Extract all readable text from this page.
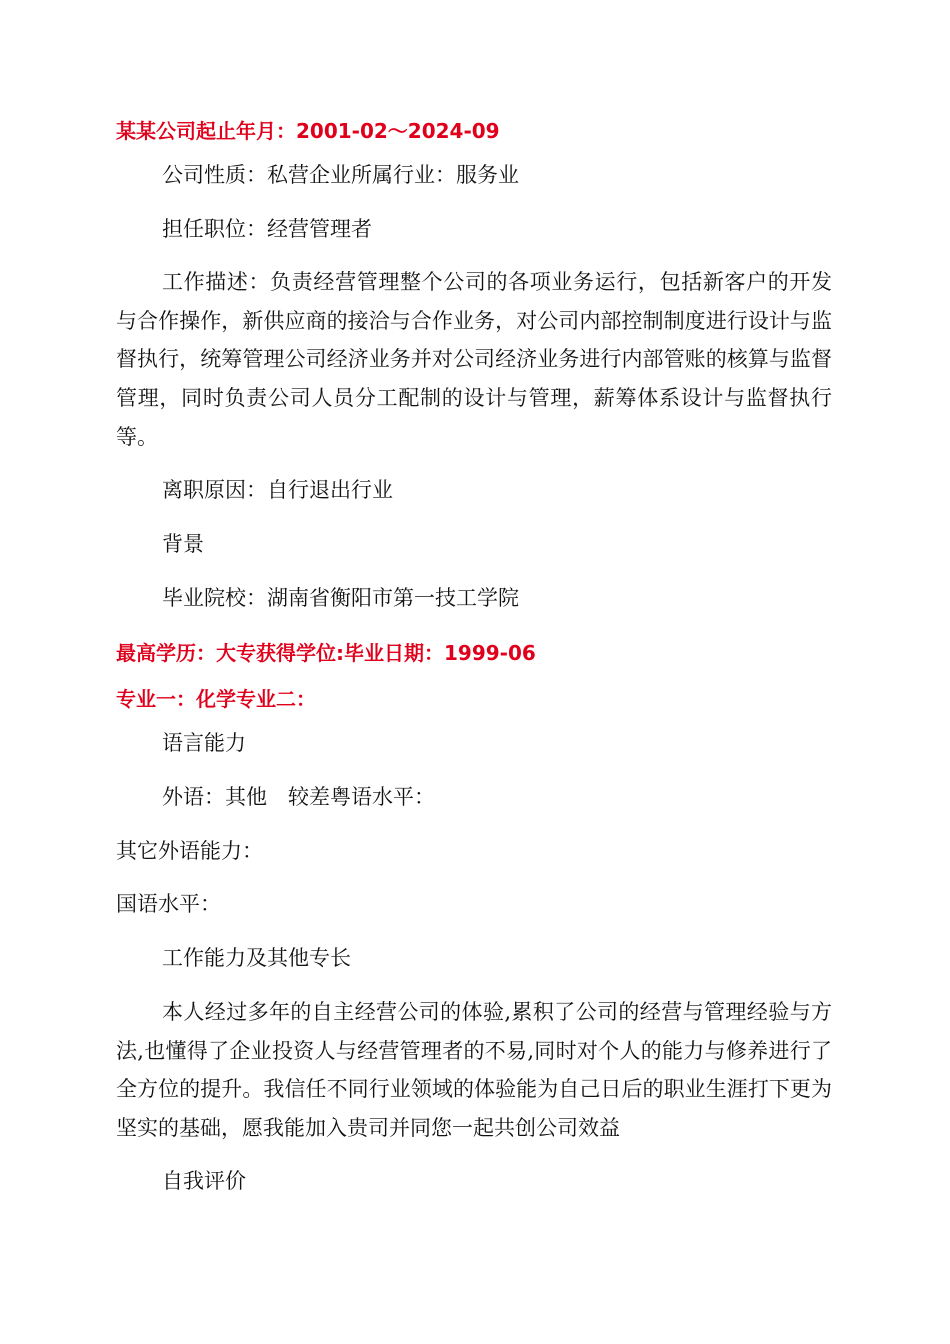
某某公司起止年月：2001-02～2024-09
公司性质：私营企业所属行业：服务业
担任职位：经营管理者
工作描述：负责经营管理整个公司的各项业务运行，包括新客户的开发与合作操作，新供应商的接洽与合作业务，对公司内部控制制度进行设计与监督执行，统筹管理公司经济业务并对公司经济业务进行内部管账的核算与监督管理，同时负责公司人员分工配制的设计与管理，薪筹体系设计与监督执行等。
离职原因：自行退出行业
背景
毕业院校：湖南省衡阳市第一技工学院
最高学历：大专获得学位:毕业日期：1999-06
专业一：化学专业二：
语言能力
外语：其他　较差粤语水平：
其它外语能力：
国语水平：
工作能力及其他专长
本人经过多年的自主经营公司的体验,累积了公司的经营与管理经验与方法,也懂得了企业投资人与经营管理者的不易,同时对个人的能力与修养进行了全方位的提升。我信任不同行业领域的体验能为自己日后的职业生涯打下更为坚实的基础，愿我能加入贵司并同您一起共创公司效益
自我评价
